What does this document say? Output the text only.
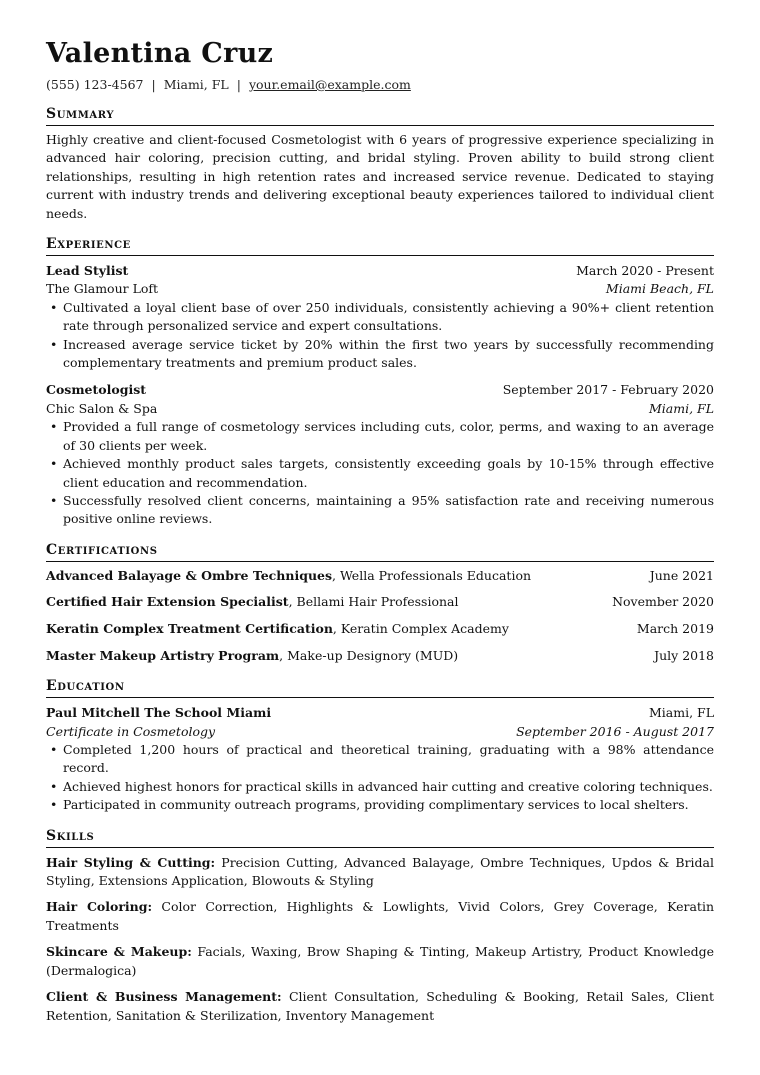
Valentina Cruz
(555) 123-4567 | Miami, FL | your.email@example.com
Summary
Highly creative and client-focused Cosmetologist with 6 years of progressive experience specializing in advanced hair coloring, precision cutting, and bridal styling. Proven ability to build strong client relationships, resulting in high retention rates and increased service revenue. Dedicated to staying current with industry trends and delivering exceptional beauty experiences tailored to individual client needs.
Experience
Lead Stylist	March 2020 - Present
The Glamour Loft	Miami Beach, FL
• Cultivated a loyal client base of over 250 individuals, consistently achieving a 90%+ client retention rate through personalized service and expert consultations.
• Increased average service ticket by 20% within the first two years by successfully recommending complementary treatments and premium product sales.
Cosmetologist	September 2017 - February 2020
Chic Salon & Spa	Miami, FL
• Provided a full range of cosmetology services including cuts, color, perms, and waxing to an average of 30 clients per week.
• Achieved monthly product sales targets, consistently exceeding goals by 10-15% through effective client education and recommendation.
• Successfully resolved client concerns, maintaining a 95% satisfaction rate and receiving numerous positive online reviews.
Certifications
Advanced Balayage & Ombre Techniques, Wella Professionals Education	June 2021
Certified Hair Extension Specialist, Bellami Hair Professional	November 2020
Keratin Complex Treatment Certification, Keratin Complex Academy	March 2019
Master Makeup Artistry Program, Make-up Designory (MUD)	July 2018
Education
Paul Mitchell The School Miami	Miami, FL
Certificate in Cosmetology	September 2016 - August 2017
• Completed 1,200 hours of practical and theoretical training, graduating with a 98% attendance record.
• Achieved highest honors for practical skills in advanced hair cutting and creative coloring techniques.
• Participated in community outreach programs, providing complimentary services to local shelters.
Skills
Hair Styling & Cutting: Precision Cutting, Advanced Balayage, Ombre Techniques, Updos & Bridal Styling, Extensions Application, Blowouts & Styling
Hair Coloring: Color Correction, Highlights & Lowlights, Vivid Colors, Grey Coverage, Keratin Treatments
Skincare & Makeup: Facials, Waxing, Brow Shaping & Tinting, Makeup Artistry, Product Knowledge (Dermalogica)
Client & Business Management: Client Consultation, Scheduling & Booking, Retail Sales, Client Retention, Sanitation & Sterilization, Inventory Management
